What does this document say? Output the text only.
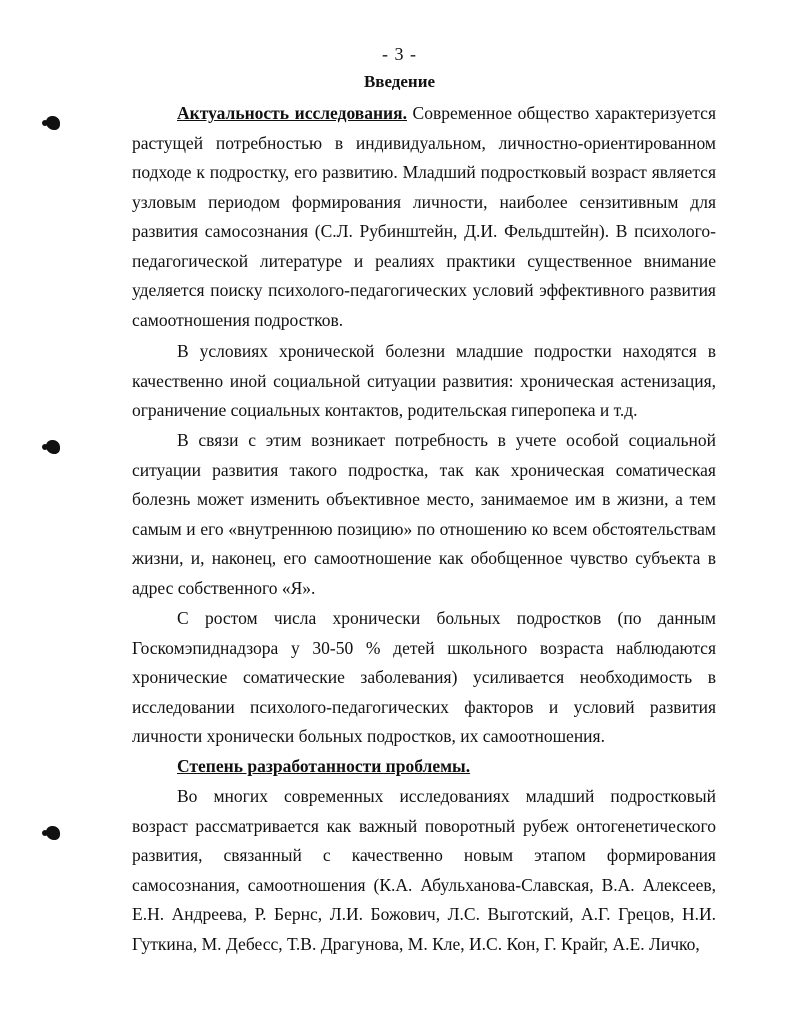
- 3 -
Введение
Актуальность исследования. Современное общество характеризуется растущей потребностью в индивидуальном, личностно-ориентированном подходе к подростку, его развитию. Младший подростковый возраст является узловым периодом формирования личности, наиболее сензитивным для развития самосознания (С.Л. Рубинштейн, Д.И. Фельдштейн). В психолого-педагогической литературе и реалиях практики существенное внимание уделяется поиску психолого-педагогических условий эффективного развития самоотношения подростков.
В условиях хронической болезни младшие подростки находятся в качественно иной социальной ситуации развития: хроническая астенизация, ограничение социальных контактов, родительская гиперопека и т.д.
В связи с этим возникает потребность в учете особой социальной ситуации развития такого подростка, так как хроническая соматическая болезнь может изменить объективное место, занимаемое им в жизни, а тем самым и его «внутреннюю позицию» по отношению ко всем обстоятельствам жизни, и, наконец, его самоотношение как обобщенное чувство субъекта в адрес собственного «Я».
С ростом числа хронически больных подростков (по данным Госкомэпиднадзора у 30-50 % детей школьного возраста наблюдаются хронические соматические заболевания) усиливается необходимость в исследовании психолого-педагогических факторов и условий развития личности хронически больных подростков, их самоотношения.
Степень разработанности проблемы.
Во многих современных исследованиях младший подростковый возраст рассматривается как важный поворотный рубеж онтогенетического развития, связанный с качественно новым этапом формирования самосознания, самоотношения (К.А. Абульханова-Славская, В.А. Алексеев, Е.Н. Андреева, Р. Бернс, Л.И. Божович, Л.С. Выготский, А.Г. Грецов, Н.И. Гуткина, М. Дебесс, Т.В. Драгунова, М. Кле, И.С. Кон, Г. Крайг, А.Е. Личко,
